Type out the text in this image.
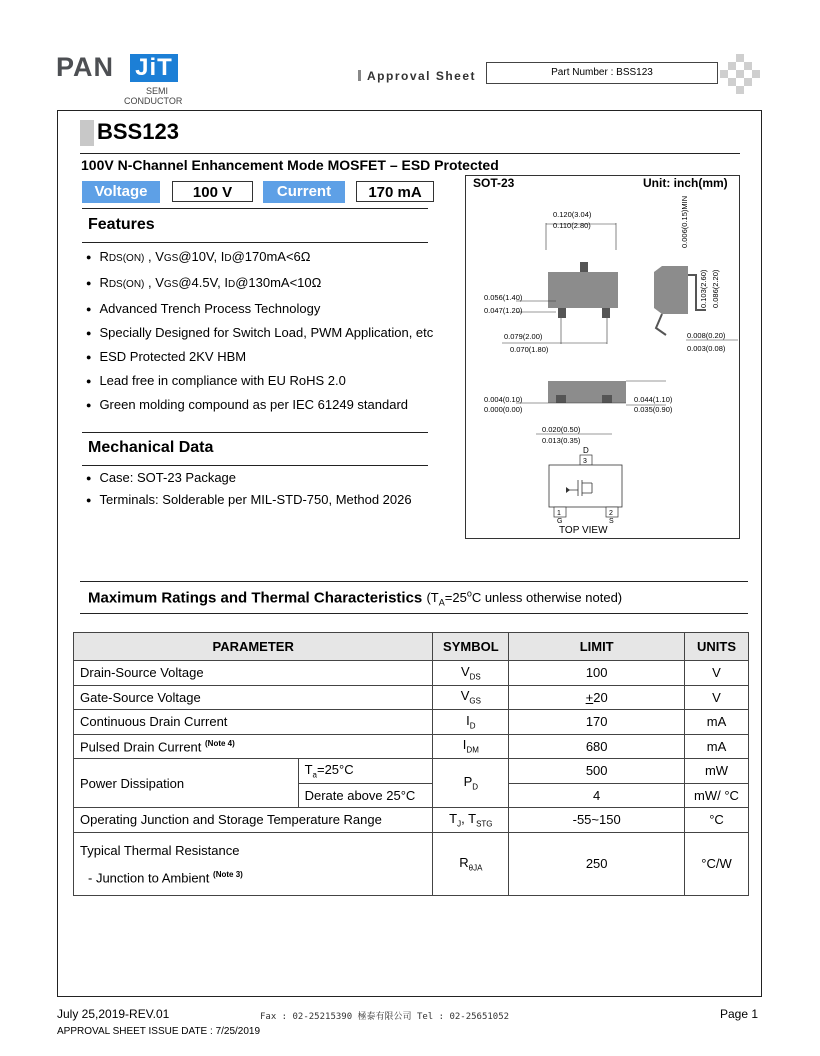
PAN JiT
SEMI
CONDUCTOR
Approval Sheet	Part Number : BSS123
BSS123
100V N-Channel Enhancement Mode MOSFET – ESD Protected
Voltage	100 V	Current	170 mA
Features
● RDS(ON) , VGS@10V, ID@170mA<6Ω
● RDS(ON) , VGS@4.5V, ID@130mA<10Ω
● Advanced Trench Process Technology
● Specially Designed for Switch Load, PWM Application, etc
● ESD Protected 2KV HBM
● Lead free in compliance with EU RoHS 2.0
● Green molding compound as per IEC 61249 standard
Mechanical Data
● Case: SOT-23 Package
● Terminals: Solderable per MIL-STD-750, Method 2026
SOT-23	Unit: inch(mm)
0.120(3.04)
0.110(2.80)
0.056(1.40)
0.047(1.20)
0.079(2.00)
0.070(1.80)
0.008(0.20)
0.003(0.08)
0.006(0.15)MIN
0.103(2.60) 0.086(2.20)
0.004(0.10)
0.000(0.00)
0.044(1.10)
0.035(0.90)
0.020(0.50)
0.013(0.35)
D
3
1	2
G	S
TOP VIEW
Maximum Ratings and Thermal Characteristics ($T_A=25^oC$ unless otherwise noted)
PARAMETER		SYMBOL	LIMIT	UNITS
Drain-Source Voltage		$V_{DS}$	100	V
Gate-Source Voltage		$V_{GS}$	+20	V
Continuous Drain Current		$I_D$	170	mA
Pulsed Drain Current $^{(Note 4)}$		$I_{DM}$	680	mA
Power Dissipation	$T_a=25^\circ C$	$P_D$	500	mW
	Derate above 25°C		4	mW/ °C
Operating Junction and Storage Temperature Range		$T_J$, $T_{STG}$	-55~150	°C

Typical Thermal Resistance
- Junction to Ambient $^{(Note 3)}$		$R_{\theta JA}$	250	°C/W
July 25,2019-REV.01	Fax : 02-25215390 極泰有限公司 Tel : 02-25651052	Page 1
APPROVAL SHEET ISSUE DATE : 7/25/2019
